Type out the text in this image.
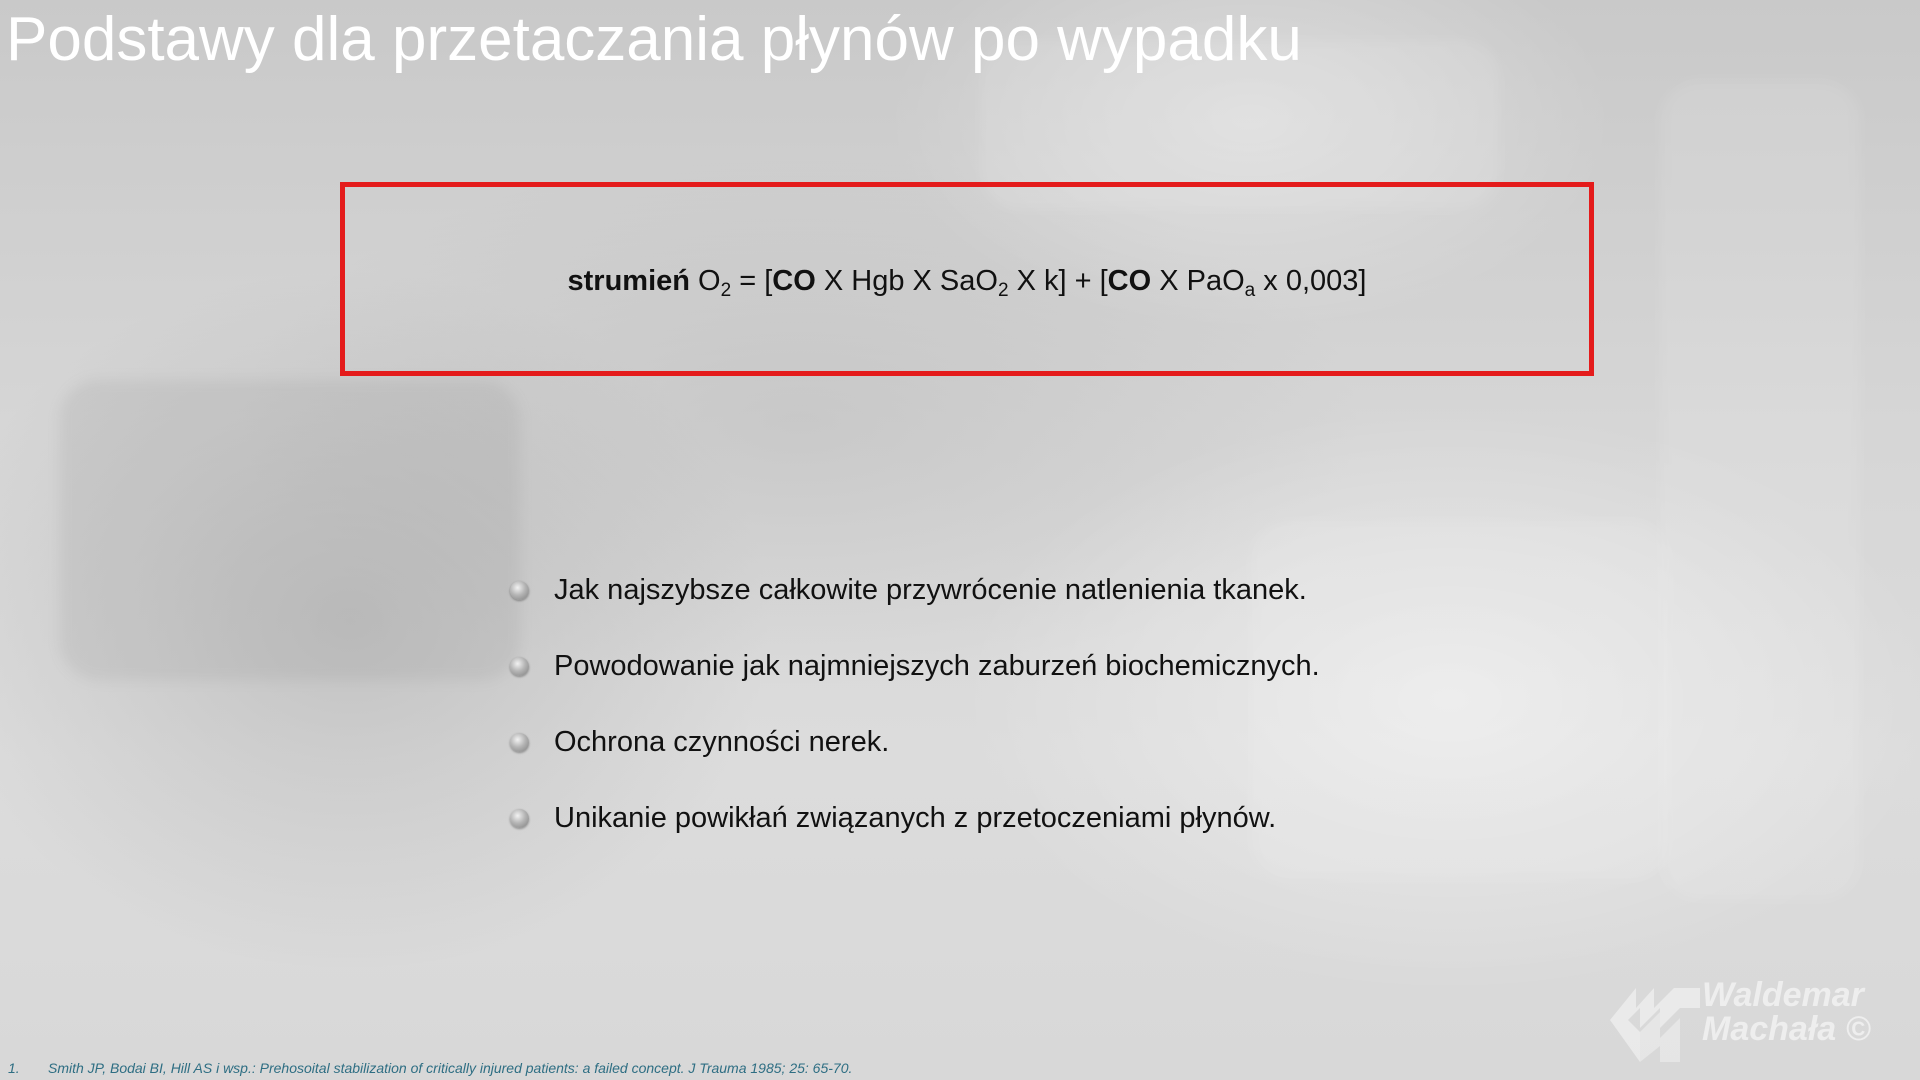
Podstawy dla przetaczania płynów po wypadku
strumień $O_2 = [CO$ X Hgb X SaO$_2$ X k] + [CO X PaO$_a$ x 0,003]
Jak najszybsze całkowite przywrócenie natlenienia tkanek.
Powodowanie jak najmniejszych zaburzeń biochemicznych.
Ochrona czynności nerek.
Unikanie powikłań związanych z przetoczeniami płynów.
Waldemar
Machała ©
1. Smith JP, Bodai BI, Hill AS i wsp.: Prehosoital stabilization of critically injured patients: a failed concept. J Trauma 1985; 25: 65-70.
